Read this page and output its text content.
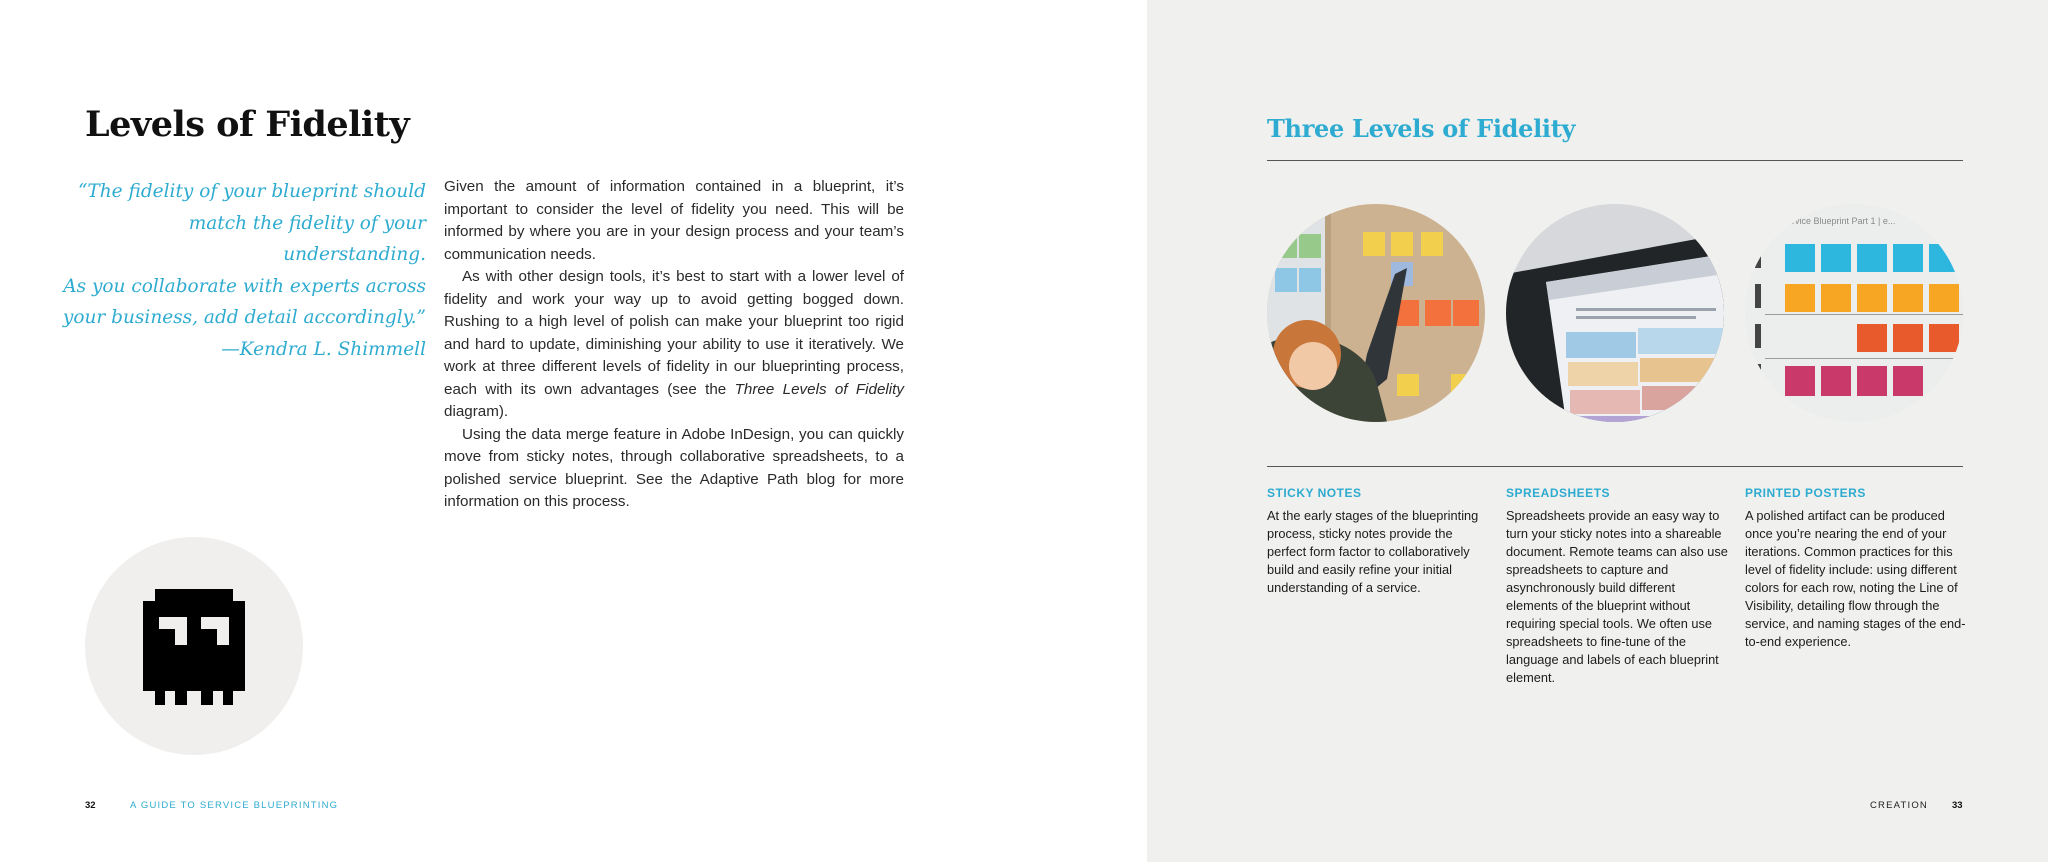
Levels of Fidelity
“The fidelity of your blueprint should
match the fidelity of your understanding.
As you collaborate with experts across
your business, add detail accordingly.”

—Kendra L. Shimmell

Given the amount of information contained in a blueprint, it’s important to consider the level of fidelity you need. This will be informed by where you are in your design process and your team’s communication needs.

As with other design tools, it’s best to start with a lower level of fidelity and work your way up to avoid getting bogged down. Rushing to a high level of polish can make your blueprint too rigid and hard to update, diminishing your ability to use it iteratively. We work at three different levels of fidelity in our blueprinting process, each with its own advantages (see the Three Levels of Fidelity diagram).

Using the data merge feature in Adobe InDesign, you can quickly move from sticky notes, through collaborative spreadsheets, to a polished service blueprint. See the Adaptive Path blog for more information on this process.

32	A GUIDE TO SERVICE BLUEPRINTING
Three Levels of Fidelity
Service Blueprint Part 1 | e...
STICKY NOTES
At the early stages of the blueprinting process, sticky notes provide the perfect form factor to collaboratively build and easily refine your initial understanding of a service.
SPREADSHEETS
Spreadsheets provide an easy way to turn your sticky notes into a shareable document. Remote teams can also use spreadsheets to capture and asynchronously build different elements of the blueprint without requiring special tools. We often use spreadsheets to fine-tune of the language and labels of each blueprint element.
PRINTED POSTERS
A polished artifact can be produced once you’re nearing the end of your iterations. Common practices for this level of fidelity include: using different colors for each row, noting the Line of Visibility, detailing flow through the service, and naming stages of the end-to-end experience.
CREATION	33
